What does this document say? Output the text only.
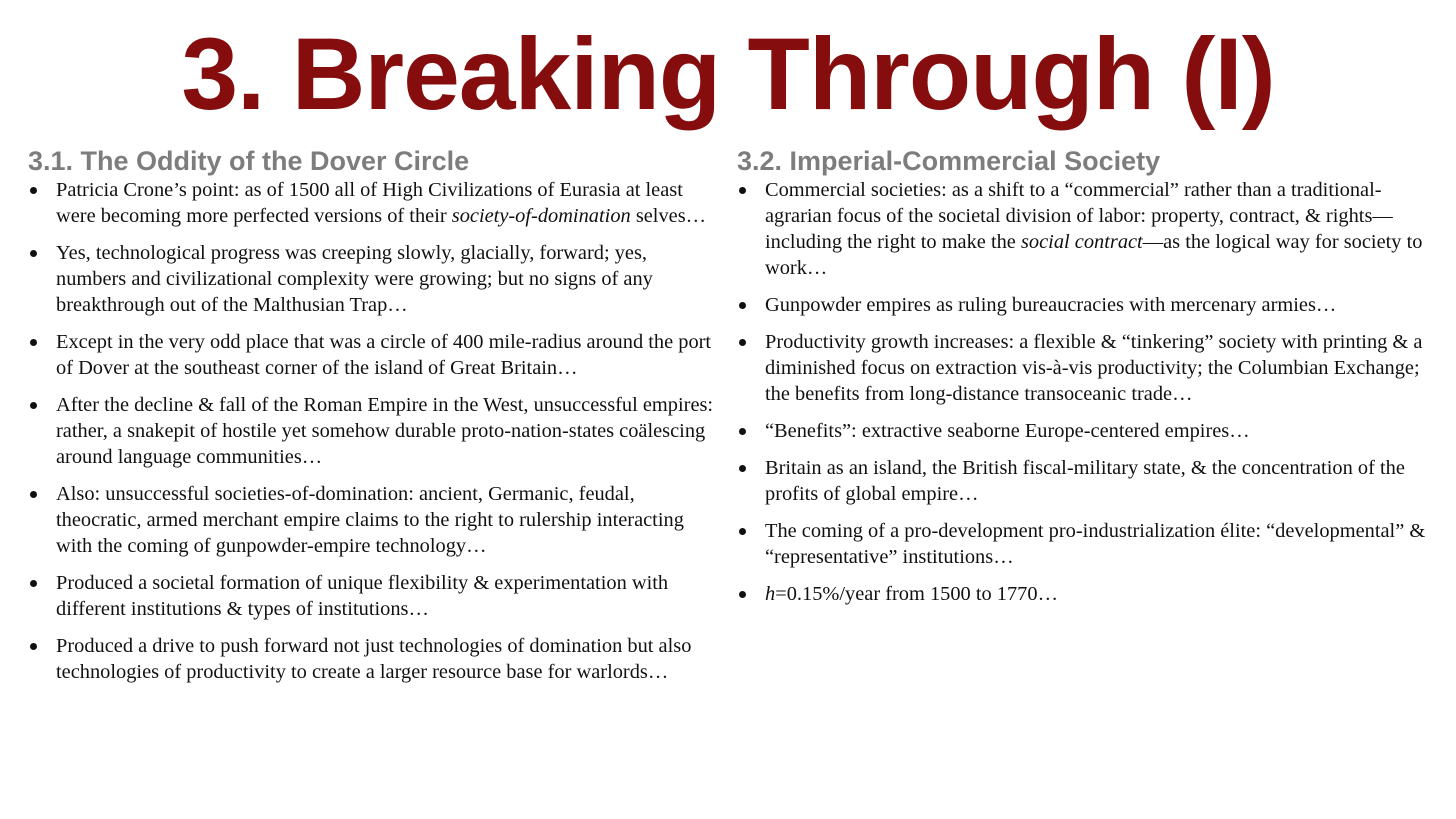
3. Breaking Through (I)
3.1. The Oddity of the Dover Circle
Patricia Crone’s point: as of 1500 all of High Civilizations of Eurasia at least were becoming more perfected versions of their society-of-domination selves…
Yes, technological progress was creeping slowly, glacially, forward; yes, numbers and civilizational complexity were growing; but no signs of any breakthrough out of the Malthusian Trap…
Except in the very odd place that was a circle of 400 mile-radius around the port of Dover at the southeast corner of the island of Great Britain…
After the decline & fall of the Roman Empire in the West, unsuccessful empires: rather, a snakepit of hostile yet somehow durable proto-nation-states coälescing around language communities…
Also: unsuccessful societies-of-domination: ancient, Germanic, feudal, theocratic, armed merchant empire claims to the right to rulership interacting with the coming of gunpowder-empire technology…
Produced a societal formation of unique flexibility & experimentation with different institutions & types of institutions…
Produced a drive to push forward not just technologies of domination but also technologies of productivity to create a larger resource base for warlords…
3.2. Imperial-Commercial Society
Commercial societies: as a shift to a “commercial” rather than a traditional-agrarian focus of the societal division of labor: property, contract, & rights—including the right to make the social contract—as the logical way for society to work…
Gunpowder empires as ruling bureaucracies with mercenary armies…
Productivity growth increases: a flexible & “tinkering” society with printing & a diminished focus on extraction vis-à-vis productivity; the Columbian Exchange; the benefits from long-distance transoceanic trade…
“Benefits”: extractive seaborne Europe-centered empires…
Britain as an island, the British fiscal-military state, & the concentration of the profits of global empire…
The coming of a pro-development pro-industrialization élite: “developmental” & “representative” institutions…
h=0.15%/year from 1500 to 1770…
